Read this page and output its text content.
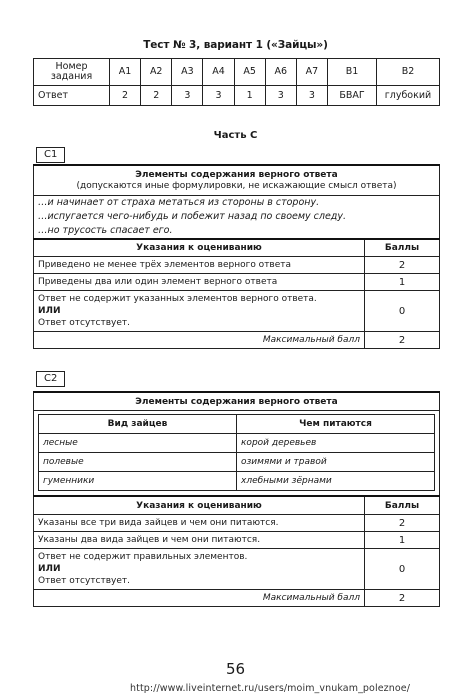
Тест № 3, вариант 1 («Зайцы»)
Номер
задания	A1	A2	A3	A4	A5	A6	A7	B1	B2
Ответ	2	2	3	3	1	3	3	БВАГ	глубокий
Часть С
С1
Элементы содержания верного ответа
(допускаются иные формулировки, не искажающие смысл ответа)	

…и начинает от страха метаться из стороны в сторону.
…испугается чего-нибудь и побежит назад по своему следу.
…но трусость спасает его.	

Указания к оцениванию	Баллы
Приведено не менее трёх элементов верного ответа	2
Приведены два или один элемент верного ответа	1

Ответ не содержит указанных элементов верного ответа.
ИЛИ
Ответ отсутствует.	0
Максимальный балл	2
С2
Элементы содержания верного ответа

Вид зайцев	Чем питаются
лесные	корой деревьев
полевые	озимями и травой
гуменники	хлебными зёрнами

Указания к оцениванию	Баллы
Указаны все три вида зайцев и чем они питаются.	2
Указаны два вида зайцев и чем они питаются.	1

Ответ не содержит правильных элементов.
ИЛИ
Ответ отсутствует.
	0
Максимальный балл	2
56
http://www.liveinternet.ru/users/moim_vnukam_poleznoe/
